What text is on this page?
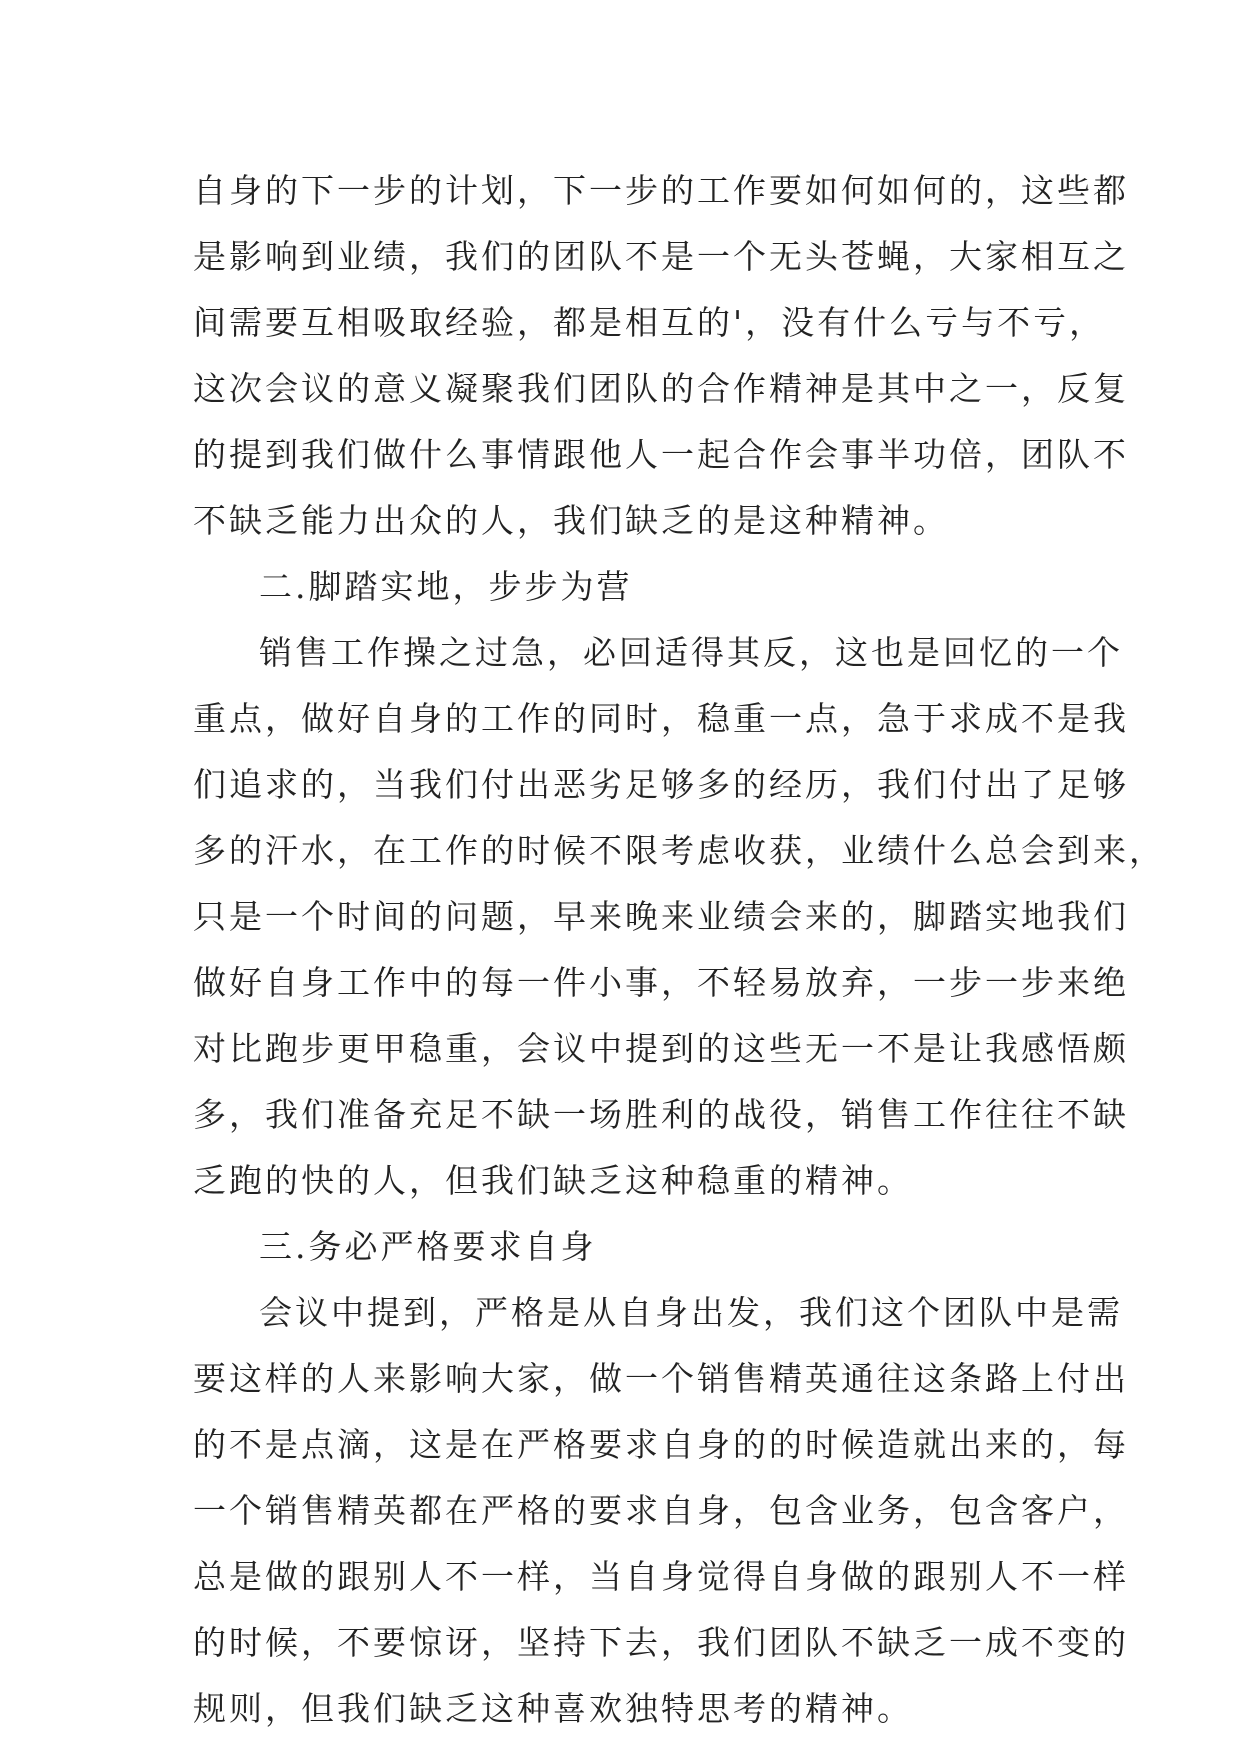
自身的下一步的计划，下一步的工作要如何如何的，这些都
是影响到业绩，我们的团队不是一个无头苍蝇，大家相互之
间需要互相吸取经验，都是相互的'，没有什么亏与不亏，
这次会议的意义凝聚我们团队的合作精神是其中之一，反复
的提到我们做什么事情跟他人一起合作会事半功倍，团队不
不缺乏能力出众的人，我们缺乏的是这种精神。
二.脚踏实地，步步为营
销售工作操之过急，必回适得其反，这也是回忆的一个
重点，做好自身的工作的同时，稳重一点，急于求成不是我
们追求的，当我们付出恶劣足够多的经历，我们付出了足够
多的汗水，在工作的时候不限考虑收获，业绩什么总会到来，
只是一个时间的问题，早来晚来业绩会来的，脚踏实地我们
做好自身工作中的每一件小事，不轻易放弃，一步一步来绝
对比跑步更甲稳重，会议中提到的这些无一不是让我感悟颇
多，我们准备充足不缺一场胜利的战役，销售工作往往不缺
乏跑的快的人，但我们缺乏这种稳重的精神。
三.务必严格要求自身
会议中提到，严格是从自身出发，我们这个团队中是需
要这样的人来影响大家，做一个销售精英通往这条路上付出
的不是点滴，这是在严格要求自身的的时候造就出来的，每
一个销售精英都在严格的要求自身，包含业务，包含客户，
总是做的跟别人不一样，当自身觉得自身做的跟别人不一样
的时候，不要惊讶，坚持下去，我们团队不缺乏一成不变的
规则，但我们缺乏这种喜欢独特思考的精神。
